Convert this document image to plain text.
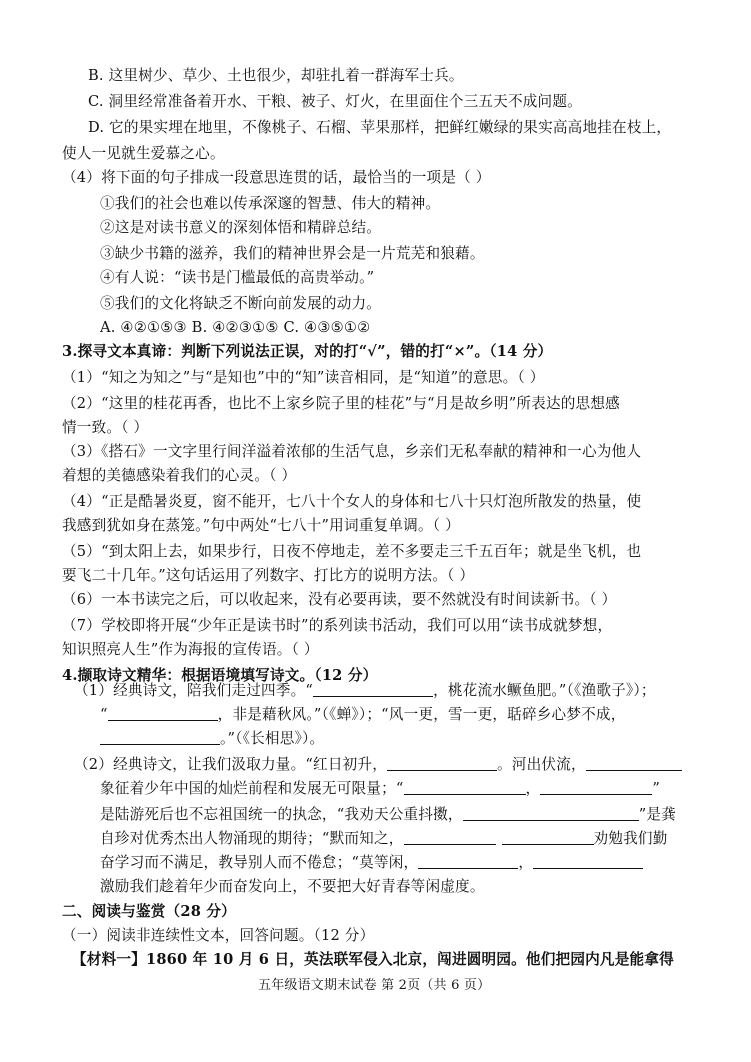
B. 这里树少、草少、土也很少，却驻扎着一群海军士兵。
C. 洞里经常准备着开水、干粮、被子、灯火，在里面住个三五天不成问题。
D. 它的果实埋在地里，不像桃子、石榴、苹果那样，把鲜红嫩绿的果实高高地挂在枝上，
使人一见就生爱慕之心。
（4）将下面的句子排成一段意思连贯的话，最恰当的一项是（ ）
①我们的社会也难以传承深邃的智慧、伟大的精神。
②这是对读书意义的深刻体悟和精辟总结。
③缺少书籍的滋养，我们的精神世界会是一片荒芜和狼藉。
④有人说：“读书是门槛最低的高贵举动。”
⑤我们的文化将缺乏不断向前发展的动力。
A. ④②①⑤③ B. ④②③①⑤ C. ④③⑤①②
3.探寻文本真谛：判断下列说法正误，对的打“√”，错的打“×”。（14 分）
（1）“知之为知之”与“是知也”中的“知”读音相同，是“知道”的意思。（ ）
（2）“这里的桂花再香，也比不上家乡院子里的桂花”与“月是故乡明”所表达的思想感
情一致。（ ）
（3）《搭石》一文字里行间洋溢着浓郁的生活气息，乡亲们无私奉献的精神和一心为他人
着想的美德感染着我们的心灵。（ ）
（4）“正是酷暑炎夏，窗不能开，七八十个女人的身体和七八十只灯泡所散发的热量，使
我感到犹如身在蒸笼。”句中两处“七八十”用词重复单调。（ ）
（5）“到太阳上去，如果步行，日夜不停地走，差不多要走三千五百年；就是坐飞机，也
要飞二十几年。”这句话运用了列数字、打比方的说明方法。（ ）
（6）一本书读完之后，可以收起来，没有必要再读，要不然就没有时间读新书。（ ）
（7）学校即将开展“少年正是读书时”的系列读书活动，我们可以用“读书成就梦想，
知识照亮人生”作为海报的宣传语。（ ）
4.撷取诗文精华：根据语境填写诗文。（12 分）
（1）经典诗文，陪我们走过四季。“	，桃花流水鳜鱼肥。”（《渔歌子》）；
“	，非是藉秋风。”（《蝉》）；“风一更，雪一更，聒碎乡心梦不成，
。”（《长相思》）。
（2）经典诗文，让我们汲取力量。“红日初升，	。河出伏流，
象征着少年中国的灿烂前程和发展无可限量；“	，	”
是陆游死后也不忘祖国统一的执念，“我劝天公重抖擞，	”是龚
自珍对优秀杰出人物涌现的期待；“默而知之，	劝勉我们勤
奋学习而不满足，教导别人而不倦怠；“莫等闲，	，
激励我们趁着年少而奋发向上，不要把大好青春等闲虚度。
二、阅读与鉴赏（28 分）
（一）阅读非连续性文本，回答问题。（12 分）
【材料一】1860 年 10 月 6 日，英法联军侵入北京，闯进圆明园。他们把园内凡是能拿得
五年级语文期末试卷 第 2页（共 6 页）
